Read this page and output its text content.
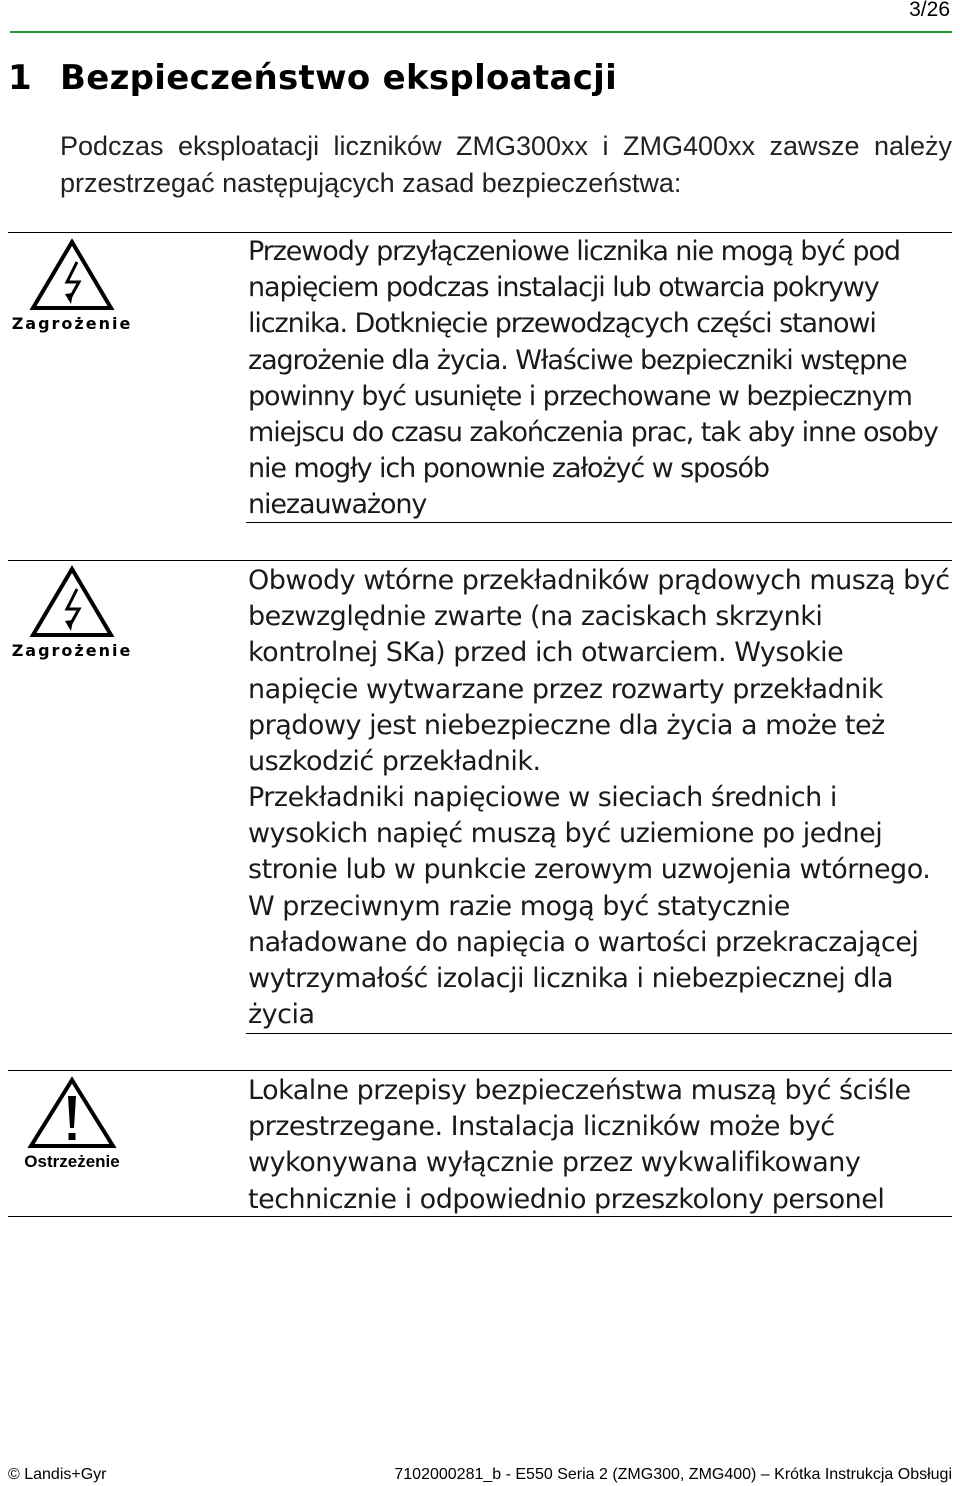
3/26
1 Bezpieczeństwo eksploatacji

Podczas eksploatacji liczników ZMG300xx i ZMG400xx zawsze należy przestrzegać następujących zasad bezpieczeństwa:

Zagrożenie

Przewody przyłączeniowe licznika nie mogą być pod napięciem podczas instalacji lub otwarcia pokrywy licznika. Dotknięcie przewodzących części stanowi zagrożenie dla życia. Właściwe bezpieczniki wstępne powinny być usunięte i przechowane w bezpiecznym miejscu do czasu zakończenia prac, tak aby inne osoby nie mogły ich ponownie założyć w sposób niezauważony

Zagrożenie

Obwody wtórne przekładników prądowych muszą być bezwzględnie zwarte (na zaciskach skrzynki kontrolnej SKa) przed ich otwarciem. Wysokie napięcie wytwarzane przez rozwarty przekładnik prądowy jest niebezpieczne dla życia a może też uszkodzić przekładnik.

Przekładniki napięciowe w sieciach średnich i wysokich napięć muszą być uziemione po jednej stronie lub w punkcie zerowym uzwojenia wtórnego. W przeciwnym razie mogą być statycznie naładowane do napięcia o wartości przekraczającej wytrzymałość izolacji licznika i niebezpiecznej dla życia

Ostrzeżenie

Lokalne przepisy bezpieczeństwa muszą być ściśle przestrzegane. Instalacja liczników może być wykonywana wyłącznie przez wykwalifikowany technicznie i odpowiednio przeszkolony personel

© Landis+Gyr	7102000281_b - E550 Seria 2 (ZMG300, ZMG400) – Krótka Instrukcja Obsługi
